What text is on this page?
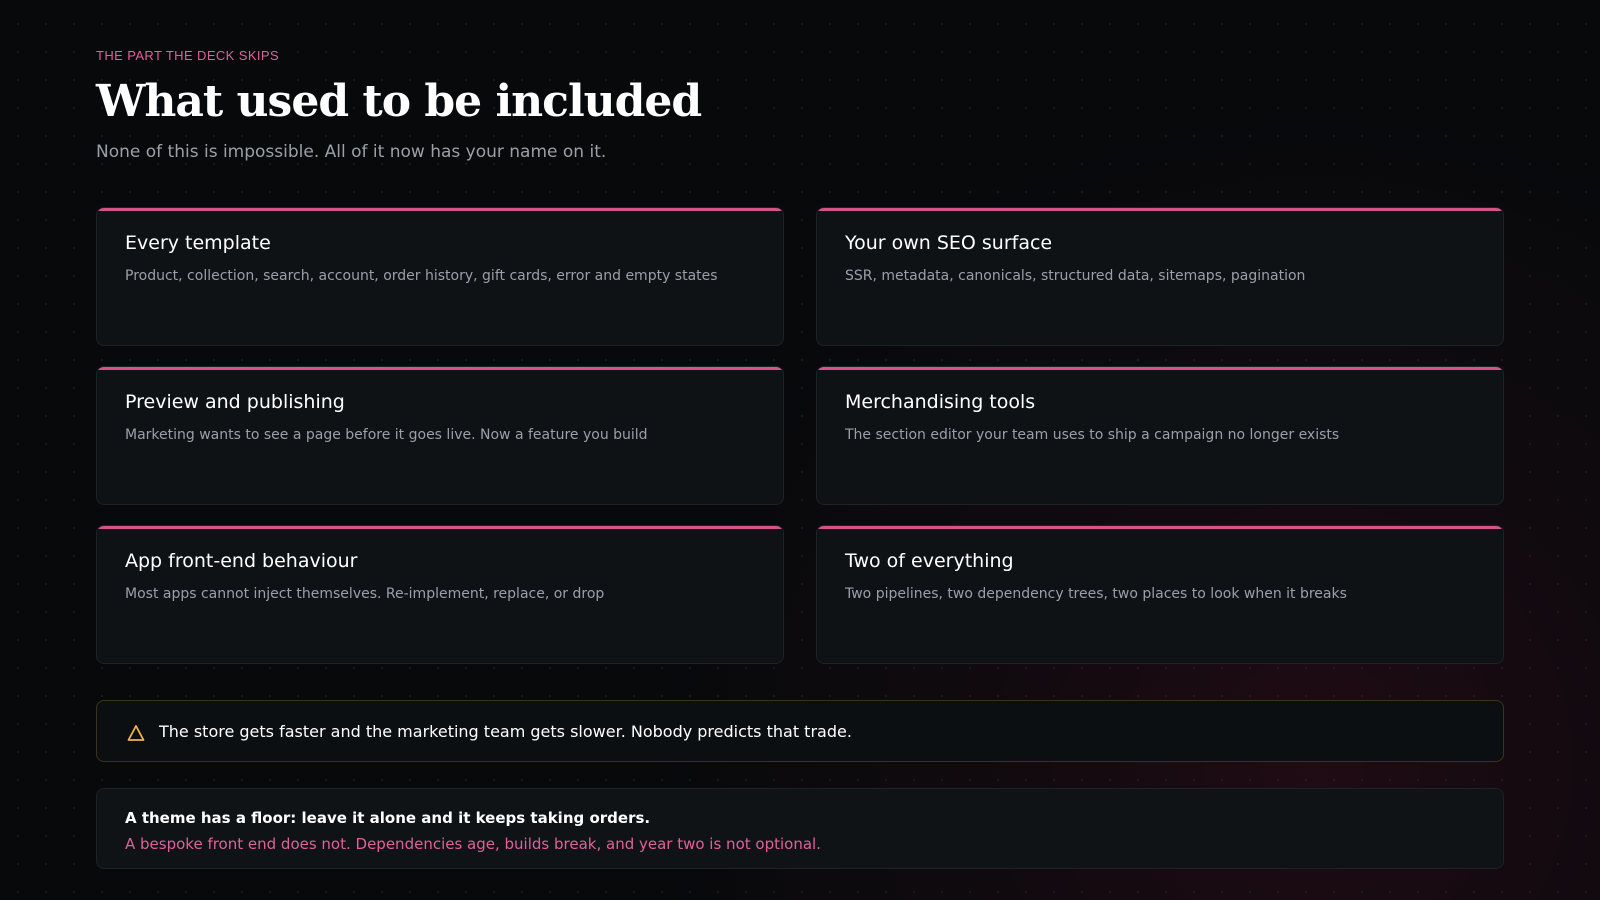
THE PART THE DECK SKIPS
What used to be included
None of this is impossible. All of it now has your name on it.
Every template
Product, collection, search, account, order history, gift cards, error and empty states
Your own SEO surface
SSR, metadata, canonicals, structured data, sitemaps, pagination
Preview and publishing
Marketing wants to see a page before it goes live. Now a feature you build
Merchandising tools
The section editor your team uses to ship a campaign no longer exists
App front-end behaviour
Most apps cannot inject themselves. Re-implement, replace, or drop
Two of everything
Two pipelines, two dependency trees, two places to look when it breaks
The store gets faster and the marketing team gets slower. Nobody predicts that trade.
A theme has a floor: leave it alone and it keeps taking orders.
A bespoke front end does not. Dependencies age, builds break, and year two is not optional.
